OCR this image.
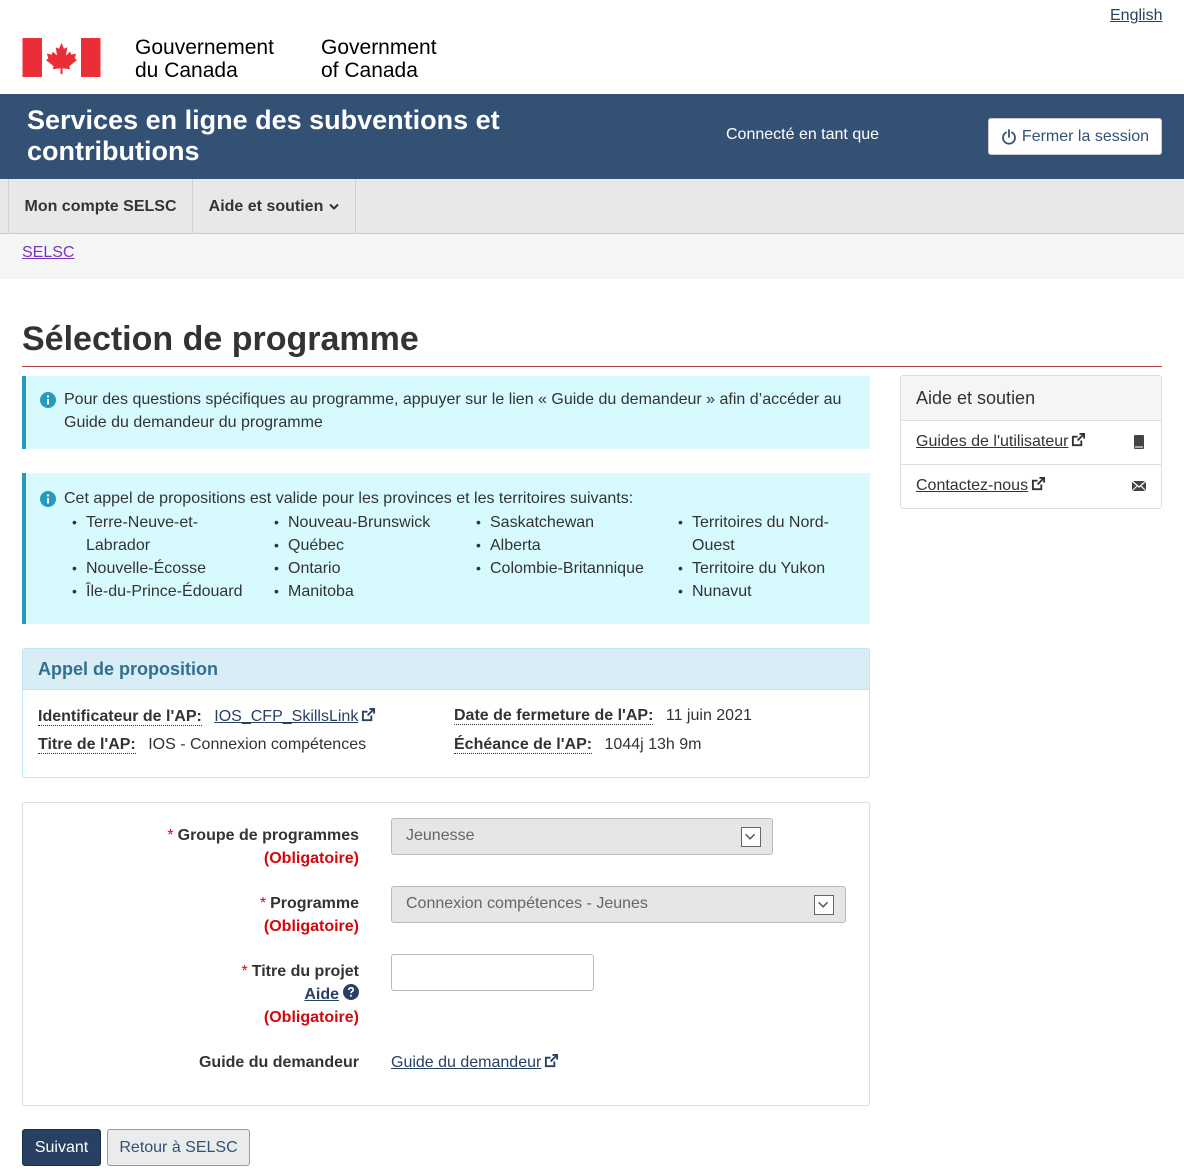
English
Gouvernement
du Canada
Government
of Canada
Services en ligne des subventions et contributions
Connecté en tant que	Fermer la session
Mon compte SELSC Aide et soutien
SELSC
Sélection de programme
Pour des questions spécifiques au programme, appuyer sur le lien « Guide du demandeur » afin d’accéder au Guide du demandeur du programme
Cet appel de propositions est valide pour les provinces et les territoires suivants:
• Terre-Neuve-et-Labrador
• Nouvelle-Écosse
• Île-du-Prince-Édouard
• Nouveau-Brunswick
• Québec
• Ontario
• Manitoba
• Saskatchewan
• Alberta
• Colombie-Britannique
• Territoires du Nord-Ouest
• Territoire du Yukon
• Nunavut
Appel de proposition
Identificateur de l'AP: IOS_CFP_SkillsLink
Titre de l'AP: IOS - Connexion compétences
Date de fermeture de l'AP: 11 juin 2021
Échéance de l'AP: 1044j 13h 9m
* Groupe de programmes
(Obligatoire)
Jeunesse
* Programme
(Obligatoire)
Connexion compétences - Jeunes
* Titre du projet
Aide
(Obligatoire)
Guide du demandeur Guide du demandeur
Suivant	Retour à SELSC
Aide et soutien
Guides de l'utilisateur
Contactez-nous
